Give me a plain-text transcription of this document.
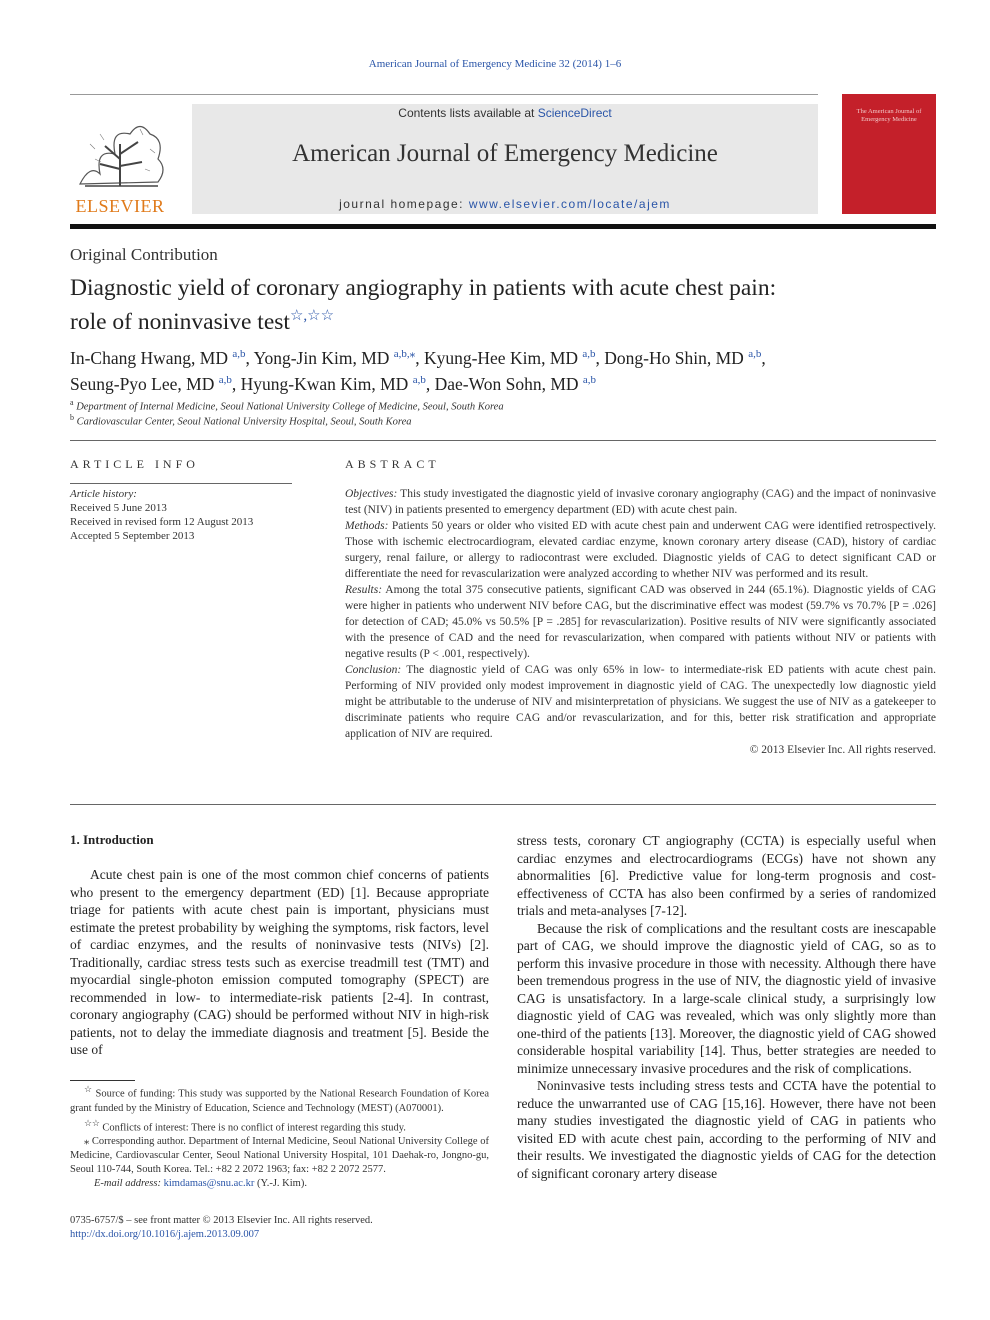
American Journal of Emergency Medicine 32 (2014) 1–6
ELSEVIER
Contents lists available at ScienceDirect
American Journal of Emergency Medicine
journal homepage: www.elsevier.com/locate/ajem
The American Journal of Emergency Medicine
Original Contribution
Diagnostic yield of coronary angiography in patients with acute chest pain:
role of noninvasive test☆,☆☆
In-Chang Hwang, MD $^{a,b}$, Yong-Jin Kim, MD $^{a,b,⁎}$, Kyung-Hee Kim, MD $^{a,b}$, Dong-Ho Shin, MD $^{a,b}$,
Seung-Pyo Lee, MD $^{a,b}$, Hyung-Kwan Kim, MD $^{a,b}$, Dae-Won Sohn, MD $^{a,b}$
$^a$ Department of Internal Medicine, Seoul National University College of Medicine, Seoul, South Korea
$^b$ Cardiovascular Center, Seoul National University Hospital, Seoul, South Korea
ARTICLE INFO
Article history:
Received 5 June 2013
Received in revised form 12 August 2013
Accepted 5 September 2013
ABSTRACT

Objectives: This study investigated the diagnostic yield of invasive coronary angiography (CAG) and the impact of noninvasive test (NIV) in patients presented to emergency department (ED) with acute chest pain.

Methods: Patients 50 years or older who visited ED with acute chest pain and underwent CAG were identified retrospectively. Those with ischemic electrocardiogram, elevated cardiac enzyme, known coronary artery disease (CAD), history of cardiac surgery, renal failure, or allergy to radiocontrast were excluded. Diagnostic yields of CAG to detect significant CAD or differentiate the need for revascularization were analyzed according to whether NIV was performed and its result.

Results: Among the total 375 consecutive patients, significant CAD was observed in 244 (65.1%). Diagnostic yields of CAG were higher in patients who underwent NIV before CAG, but the discriminative effect was modest (59.7% vs 70.7% [P = .026] for detection of CAD; 45.0% vs 50.5% [P = .285] for revascularization). Positive results of NIV were significantly associated with the presence of CAD and the need for revascularization, when compared with patients without NIV or patients with negative results (P < .001, respectively).

Conclusion: The diagnostic yield of CAG was only 65% in low- to intermediate-risk ED patients with acute chest pain. Performing of NIV provided only modest improvement in diagnostic yield of CAG. The unexpectedly low diagnostic yield might be attributable to the underuse of NIV and misinterpretation of physicians. We suggest the use of NIV as a gatekeeper to discriminate patients who require CAG and/or revascularization, and for this, better risk stratification and appropriate application of NIV are required.

© 2013 Elsevier Inc. All rights reserved.

1. Introduction

Acute chest pain is one of the most common chief concerns of patients who present to the emergency department (ED) [1]. Because appropriate triage for patients with acute chest pain is important, physicians must estimate the pretest probability by weighing the symptoms, risk factors, level of cardiac enzymes, and the results of noninvasive tests (NIVs) [2]. Traditionally, cardiac stress tests such as exercise treadmill test (TMT) and myocardial single-photon emission computed tomography (SPECT) are recommended in low- to intermediate-risk patients [2-4]. In contrast, coronary angiography (CAG) should be performed without NIV in high-risk patients, not to delay the immediate diagnosis and treatment [5]. Beside the use of

stress tests, coronary CT angiography (CCTA) is especially useful when cardiac enzymes and electrocardiograms (ECGs) have not shown any abnormalities [6]. Predictive value for long-term prognosis and cost-effectiveness of CCTA has also been confirmed by a series of randomized trials and meta-analyses [7-12].

Because the risk of complications and the resultant costs are inescapable part of CAG, we should improve the diagnostic yield of CAG, so as to perform this invasive procedure in those with necessity. Although there have been tremendous progress in the use of NIV, the diagnostic yield of invasive CAG is unsatisfactory. In a large-scale clinical study, a surprisingly low diagnostic yield of CAG was revealed, which was only slightly more than one-third of the patients [13]. Moreover, the diagnostic yield of CAG showed considerable hospital variability [14]. Thus, better strategies are needed to minimize unnecessary invasive procedures and the risk of complications.

Noninvasive tests including stress tests and CCTA have the potential to reduce the unwarranted use of CAG [15,16]. However, there have not been many studies investigated the diagnostic yield of CAG in patients who visited ED with acute chest pain, according to the performing of NIV and their results. We investigated the diagnostic yields of CAG for the detection of significant coronary artery disease

☆ Source of funding: This study was supported by the National Research Foundation of Korea grant funded by the Ministry of Education, Science and Technology (MEST) (A070001).

☆☆ Conflicts of interest: There is no conflict of interest regarding this study.

⁎ Corresponding author. Department of Internal Medicine, Seoul National University College of Medicine, Cardiovascular Center, Seoul National University Hospital, 101 Daehak-ro, Jongno-gu, Seoul 110-744, South Korea. Tel.: +82 2 2072 1963; fax: +82 2 2072 2577.

E-mail address: kimdamas@snu.ac.kr (Y.-J. Kim).

0735-6757/$ – see front matter © 2013 Elsevier Inc. All rights reserved.
http://dx.doi.org/10.1016/j.ajem.2013.09.007
